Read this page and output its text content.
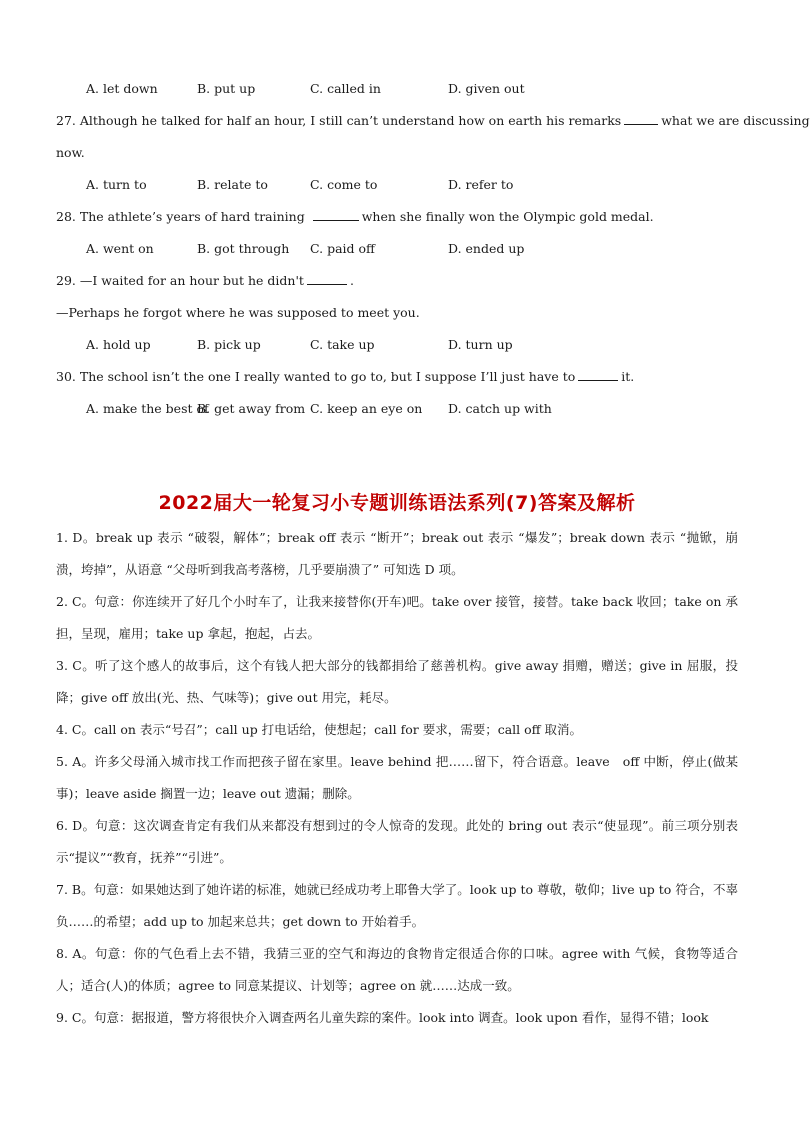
A. let down	B. put up	C. called in	D. given out
27. Although he talked for half an hour, I still can’t understand how on earth his remarks	what we are discussing
now.
A. turn to	B. relate to	C. come to	D. refer to
28. The athlete’s years of hard training	when she finally won the Olympic gold medal.
A. went on	B. got through C. paid off	D. ended up
29. —I waited for an hour but he didn't	.
—Perhaps he forgot where he was supposed to meet you.
A. hold up	B. pick up	C. take up	D. turn up
30. The school isn’t the one I really wanted to go to, but I suppose I’ll just have to	it.
A. make the best of
B. get away from C. keep an eye on D. catch up with
2022届大一轮复习小专题训练语法系列(7)答案及解析
1. D。break up 表示 “破裂，解体”；break off 表示 “断开”；break out 表示 “爆发”；break down 表示 “抛锨，崩溃，垮掉”，从语意 “父母听到我高考落榜，几乎要崩溃了” 可知选 D 项。
2. C。句意：你连续开了好几个小时车了，让我来接替你(开车)吧。take over 接管，接替。take back 收回；take on 承担，呈现，雇用；take up 拿起，抱起，占去。
3. C。听了这个感人的故事后，这个有钱人把大部分的钱都捐给了慈善机构。give away 捐赠，赠送；give in 屈服，投降；give off 放出(光、热、气味等)；give out 用完，耗尽。
4. C。call on 表示“号召”；call up 打电话给，使想起；call for 要求，需要；call off 取消。
5. A。许多父母涌入城市找工作而把孩子留在家里。leave behind 把……留下，符合语意。leave　off 中断，停止(做某事)；leave aside 搁置一边；leave out 遗漏；删除。
6. D。句意：这次调查肯定有我们从来都没有想到过的令人惊奇的发现。此处的 bring out 表示“使显现”。前三项分别表示“提议”“教育，抚养”“引进”。
7. B。句意：如果她达到了她许诺的标准，她就已经成功考上耶鲁大学了。look up to 尊敬，敬仰；live up to 符合，不辜负……的希望；add up to 加起来总共；get down to 开始着手。
8. A。句意：你的气色看上去不错，我猜三亚的空气和海边的食物肯定很适合你的口味。agree with 气候，食物等适合人；适合(人)的体质；agree to 同意某提议、计划等；agree on 就……达成一致。
9. C。句意：据报道，警方将很快介入调查两名儿童失踪的案件。look into 调查。look upon 看作，显得不错；look
